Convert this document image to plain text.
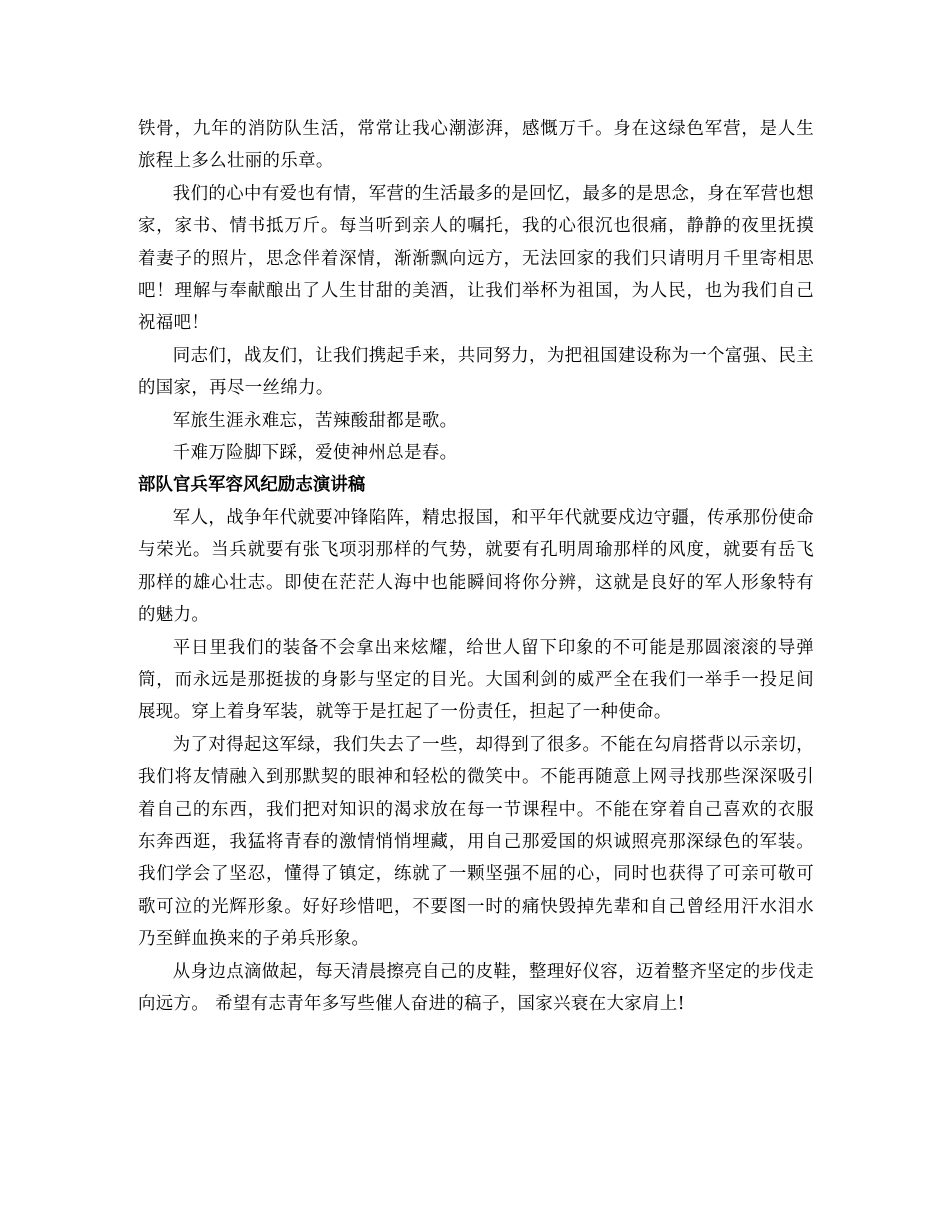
铁骨，九年的消防队生活，常常让我心潮澎湃，感慨万千。身在这绿色军营，是人生旅程上多么壮丽的乐章。

我们的心中有爱也有情，军营的生活最多的是回忆，最多的是思念，身在军营也想家，家书、情书抵万斤。每当听到亲人的嘱托，我的心很沉也很痛，静静的夜里抚摸着妻子的照片，思念伴着深情，渐渐飘向远方，无法回家的我们只请明月千里寄相思吧！理解与奉献酿出了人生甘甜的美酒，让我们举杯为祖国，为人民，也为我们自己祝福吧！

同志们，战友们，让我们携起手来，共同努力，为把祖国建设称为一个富强、民主的国家，再尽一丝绵力。

军旅生涯永难忘，苦辣酸甜都是歌。

千难万险脚下踩，爱使神州总是春。

部队官兵军容风纪励志演讲稿

军人，战争年代就要冲锋陷阵，精忠报国，和平年代就要戍边守疆，传承那份使命与荣光。当兵就要有张飞项羽那样的气势，就要有孔明周瑜那样的风度，就要有岳飞那样的雄心壮志。即使在茫茫人海中也能瞬间将你分辨，这就是良好的军人形象特有的魅力。

平日里我们的装备不会拿出来炫耀，给世人留下印象的不可能是那圆滚滚的导弹筒，而永远是那挺拔的身影与坚定的目光。大国利剑的威严全在我们一举手一投足间展现。穿上着身军装，就等于是扛起了一份责任，担起了一种使命。

为了对得起这军绿，我们失去了一些，却得到了很多。不能在勾肩搭背以示亲切，我们将友情融入到那默契的眼神和轻松的微笑中。不能再随意上网寻找那些深深吸引着自己的东西，我们把对知识的渴求放在每一节课程中。不能在穿着自己喜欢的衣服东奔西逛，我猛将青春的激情悄悄埋藏，用自己那爱国的炽诚照亮那深绿色的军装。我们学会了坚忍，懂得了镇定，练就了一颗坚强不屈的心，同时也获得了可亲可敬可歌可泣的光辉形象。好好珍惜吧，不要图一时的痛快毁掉先辈和自己曾经用汗水泪水乃至鲜血换来的子弟兵形象。

从身边点滴做起，每天清晨擦亮自己的皮鞋，整理好仪容，迈着整齐坚定的步伐走向远方。 希望有志青年多写些催人奋进的稿子，国家兴衰在大家肩上!
